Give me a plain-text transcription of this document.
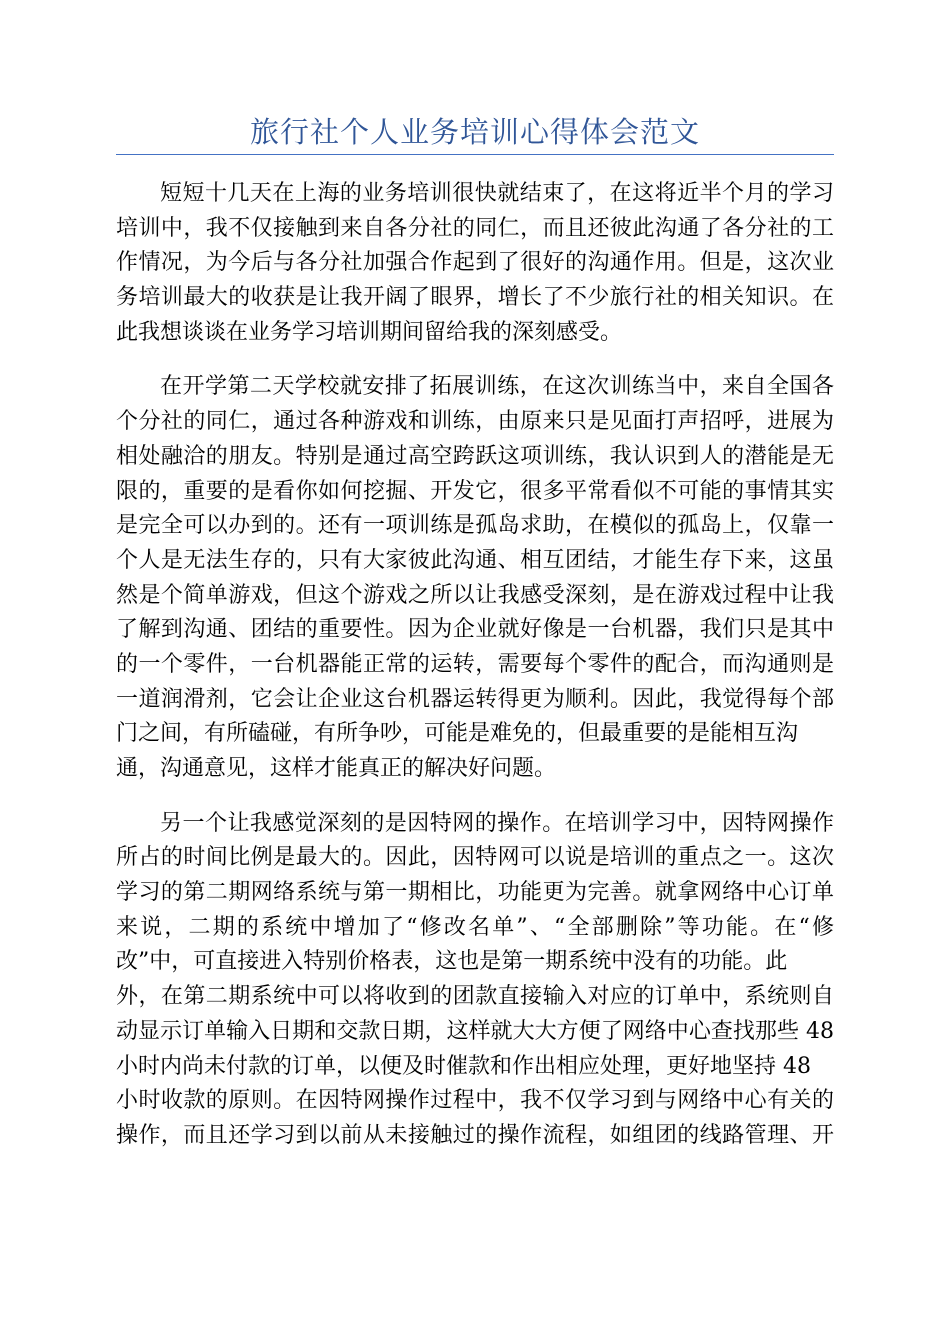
旅行社个人业务培训心得体会范文
短短十几天在上海的业务培训很快就结束了，在这将近半个月的学习
培训中，我不仅接触到来自各分社的同仁，而且还彼此沟通了各分社的工
作情况，为今后与各分社加强合作起到了很好的沟通作用。但是，这次业
务培训最大的收获是让我开阔了眼界，增长了不少旅行社的相关知识。在
此我想谈谈在业务学习培训期间留给我的深刻感受。
在开学第二天学校就安排了拓展训练，在这次训练当中，来自全国各
个分社的同仁，通过各种游戏和训练，由原来只是见面打声招呼，进展为
相处融洽的朋友。特别是通过高空跨跃这项训练，我认识到人的潜能是无
限的，重要的是看你如何挖掘、开发它，很多平常看似不可能的事情其实
是完全可以办到的。还有一项训练是孤岛求助，在模似的孤岛上，仅靠一
个人是无法生存的，只有大家彼此沟通、相互团结，才能生存下来，这虽
然是个简单游戏，但这个游戏之所以让我感受深刻，是在游戏过程中让我
了解到沟通、团结的重要性。因为企业就好像是一台机器，我们只是其中
的一个零件，一台机器能正常的运转，需要每个零件的配合，而沟通则是
一道润滑剂，它会让企业这台机器运转得更为顺利。因此，我觉得每个部
门之间，有所磕碰，有所争吵，可能是难免的，但最重要的是能相互沟
通，沟通意见，这样才能真正的解决好问题。
另一个让我感觉深刻的是因特网的操作。在培训学习中，因特网操作
所占的时间比例是最大的。因此，因特网可以说是培训的重点之一。这次
学习的第二期网络系统与第一期相比，功能更为完善。就拿网络中心订单
来说，二期的系统中增加了“修改名单”、“全部删除”等功能。在“修
改”中，可直接进入特别价格表，这也是第一期系统中没有的功能。此
外，在第二期系统中可以将收到的团款直接输入对应的订单中，系统则自
动显示订单输入日期和交款日期，这样就大大方便了网络中心查找那些 48
小时内尚未付款的订单，以便及时催款和作出相应处理，更好地坚持 48
小时收款的原则。在因特网操作过程中，我不仅学习到与网络中心有关的
操作，而且还学习到以前从未接触过的操作流程，如组团的线路管理、开
